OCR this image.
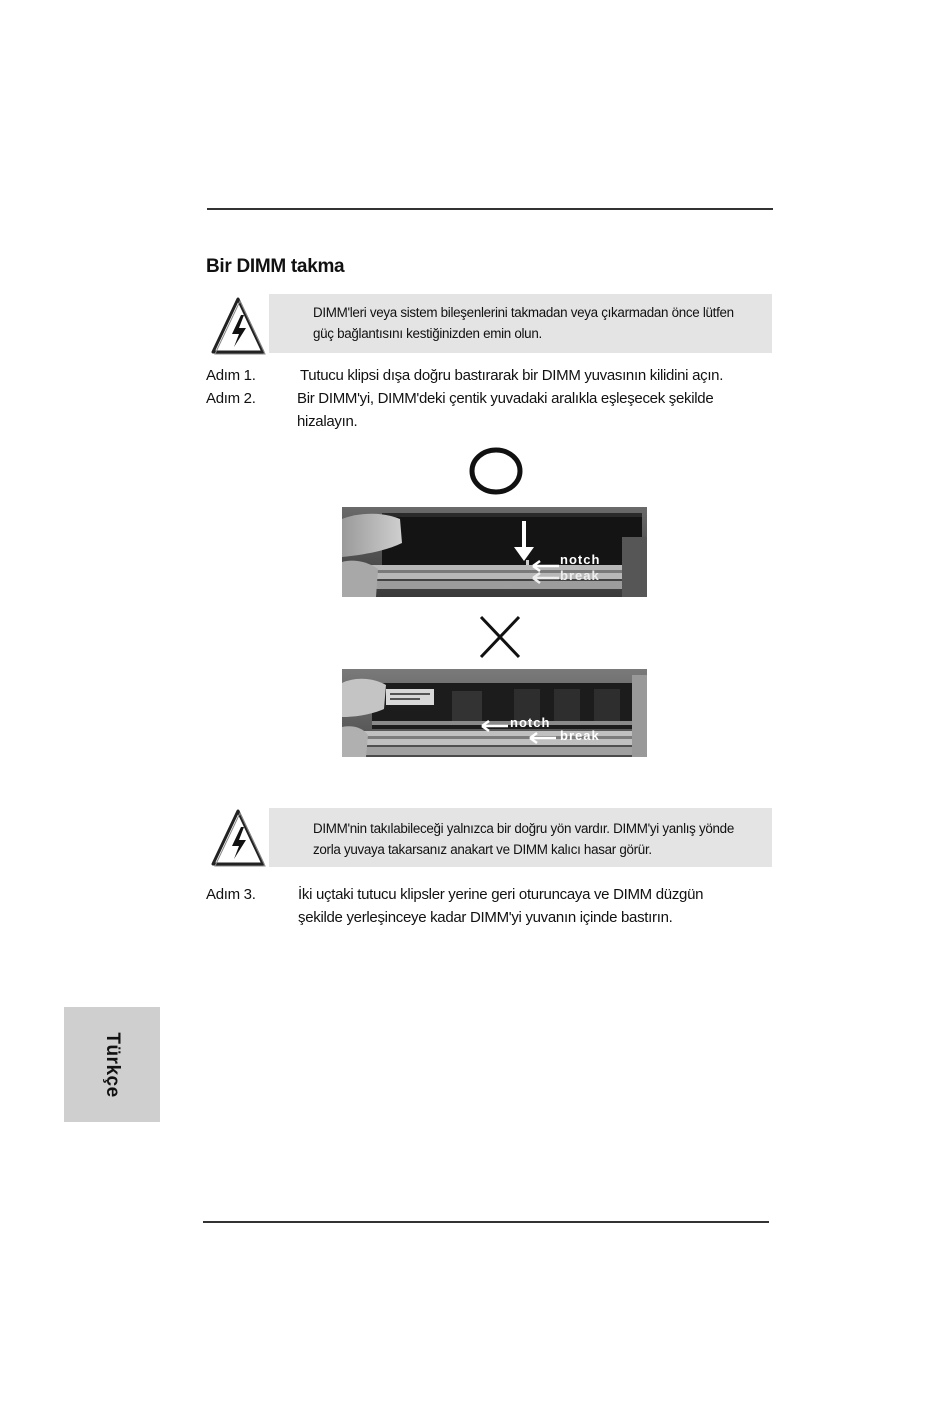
Bir DIMM takma
DIMM'leri veya sistem bileşenlerini takmadan veya çıkarmadan önce lütfen
güç bağlantısını kestiğinizden emin olun.
Adım 1.	Tutucu klipsi dışa doğru bastırarak bir DIMM yuvasının kilidini açın.
Adım 2.	Bir DIMM'yi, DIMM'deki çentik yuvadaki aralıkla eşleşecek şekilde
hizalayın.
notch
break
notch
break
DIMM'nin takılabileceği yalnızca bir doğru yön vardır. DIMM'yi yanlış yönde
zorla yuvaya takarsanız anakart ve DIMM kalıcı hasar görür.
Adım 3.	İki uçtaki tutucu klipsler yerine geri oturuncaya ve DIMM düzgün
şekilde yerleşinceye kadar DIMM'yi yuvanın içinde bastırın.
Türkçe
